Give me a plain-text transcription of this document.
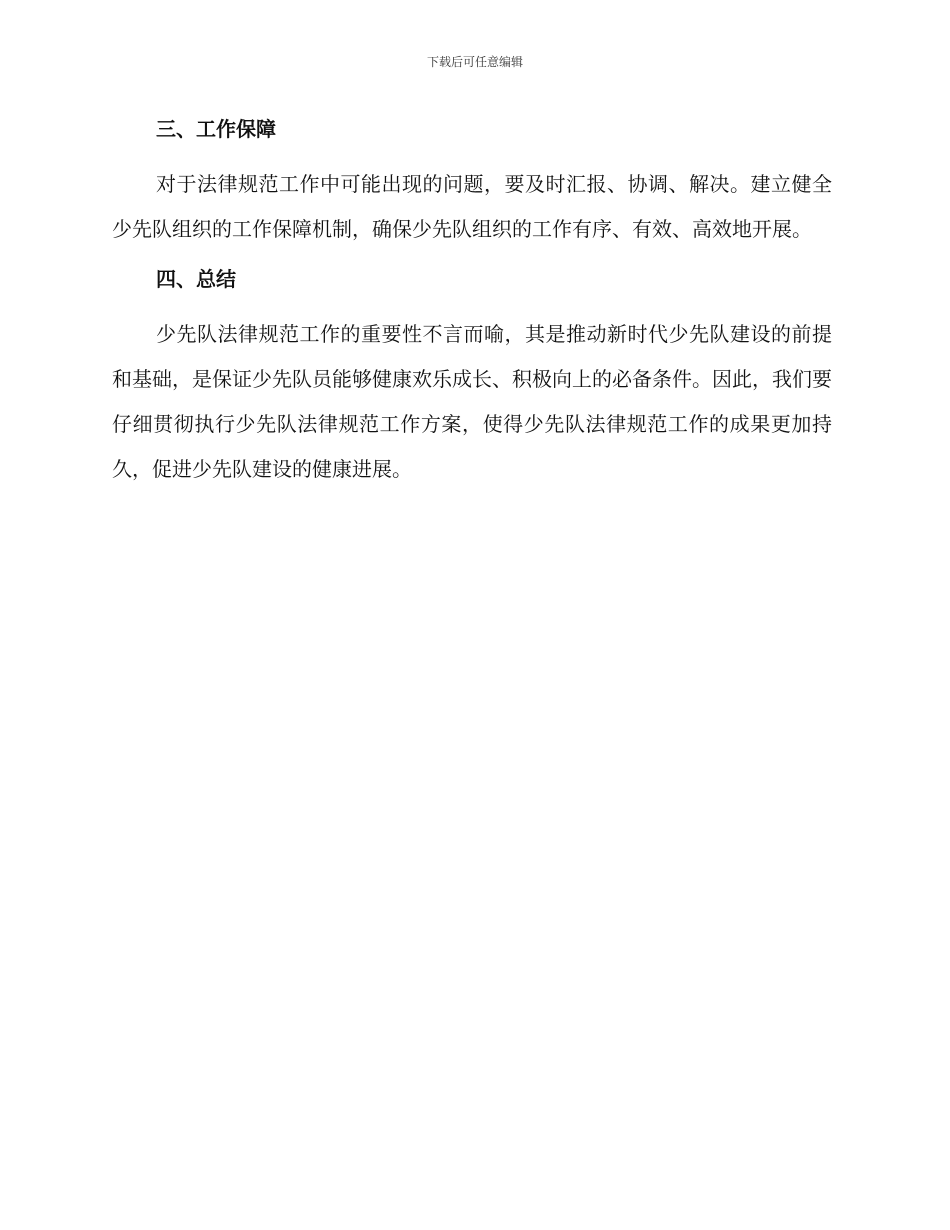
下载后可任意编辑
三、工作保障

对于法律规范工作中可能出现的问题，要及时汇报、协调、解决。建立健全少先队组织的工作保障机制，确保少先队组织的工作有序、有效、高效地开展。

四、总结

少先队法律规范工作的重要性不言而喻，其是推动新时代少先队建设的前提和基础，是保证少先队员能够健康欢乐成长、积极向上的必备条件。因此，我们要仔细贯彻执行少先队法律规范工作方案，使得少先队法律规范工作的成果更加持久，促进少先队建设的健康进展。
